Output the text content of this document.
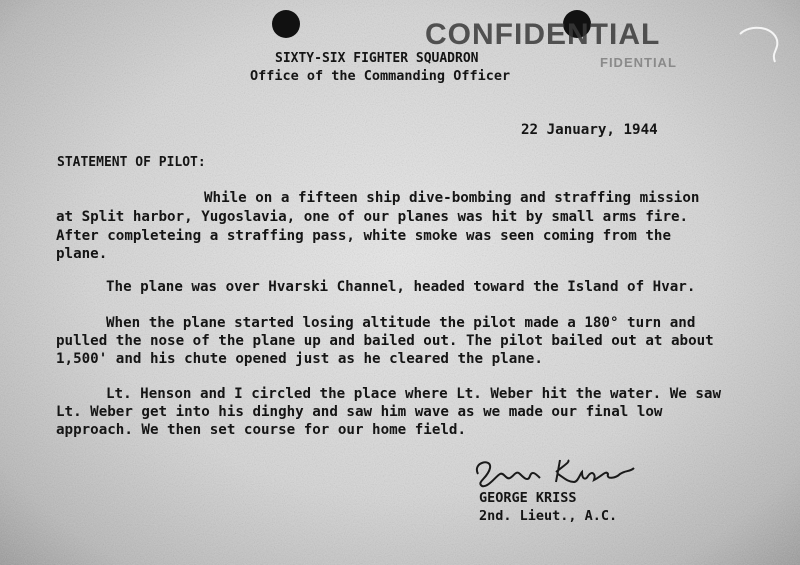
CONFIDENTIAL
FIDENTIAL
SIXTY-SIX FIGHTER SQUADRON
Office of the Commanding Officer
22 January, 1944
STATEMENT OF PILOT:
While on a fifteen ship dive-bombing and straffing mission
at Split harbor, Yugoslavia, one of our planes was hit by small arms fire.
After completeing a straffing pass, white smoke was seen coming from the
plane.
The plane was over Hvarski Channel, headed toward the Island of Hvar.
When the plane started losing altitude the pilot made a 180° turn and
pulled the nose of the plane up and bailed out. The pilot bailed out at about
1,500' and his chute opened just as he cleared the plane.
Lt. Henson and I circled the place where Lt. Weber hit the water. We saw
Lt. Weber get into his dinghy and saw him wave as we made our final low
approach. We then set course for our home field.
GEORGE KRISS
2nd. Lieut., A.C.
